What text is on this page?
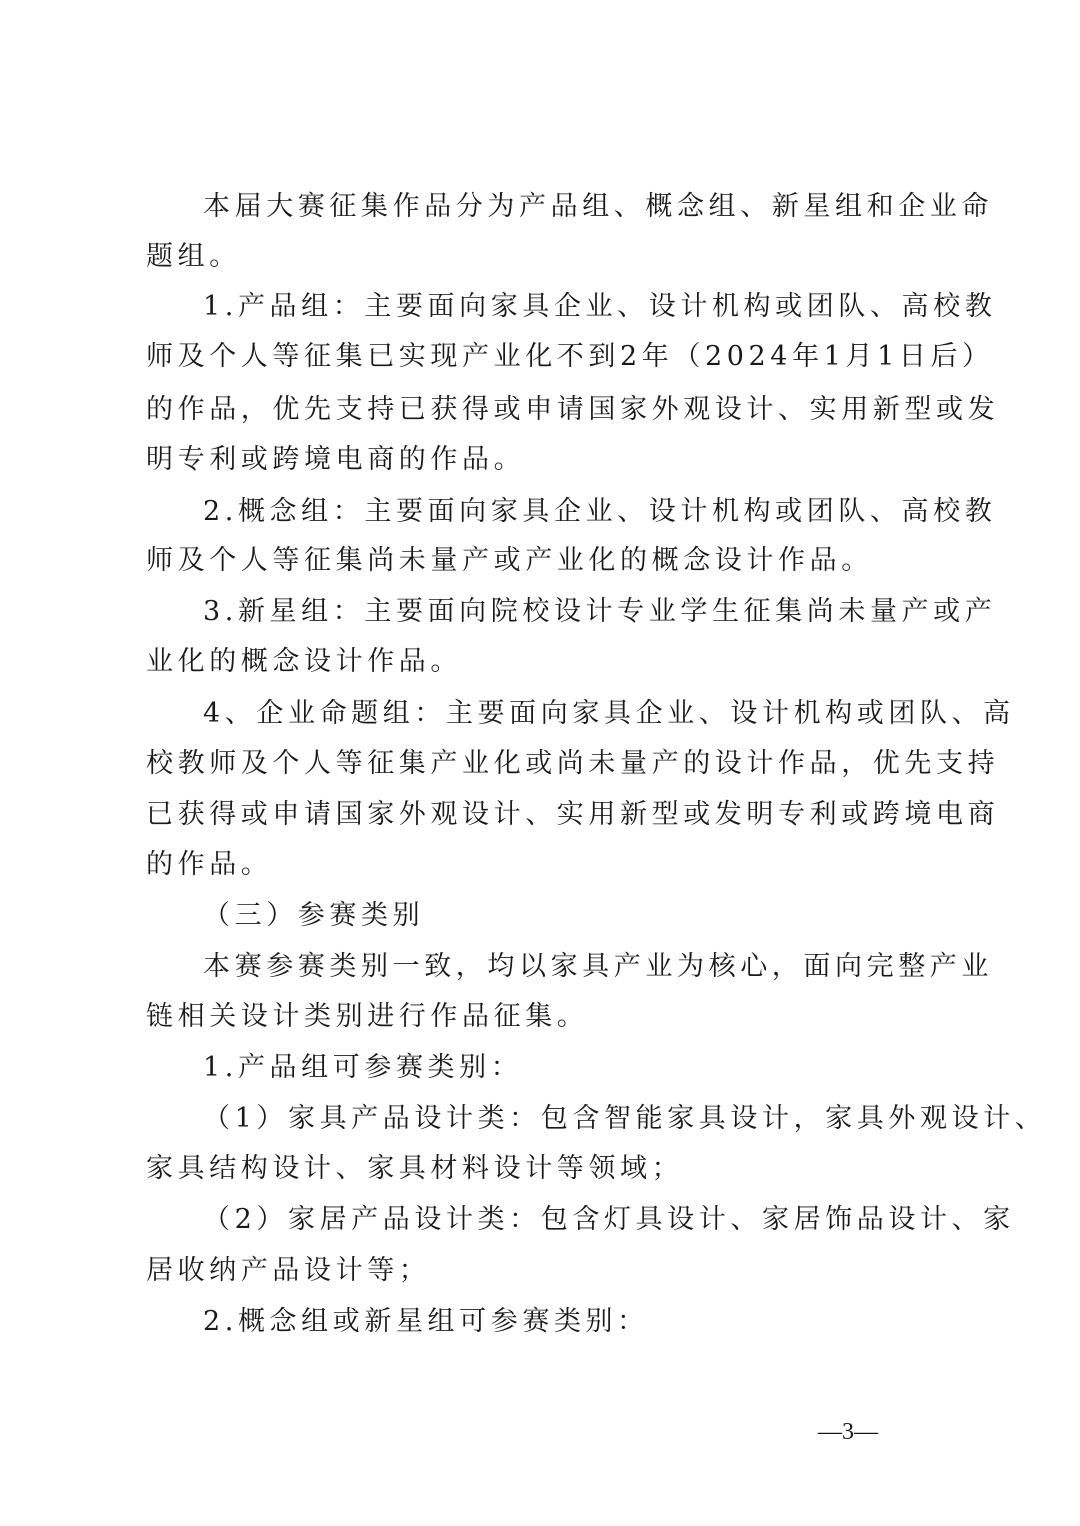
本届大赛征集作品分为产品组、概念组、新星组和企业命
题组。
1.产品组：主要面向家具企业、设计机构或团队、高校教
师及个人等征集已实现产业化不到2年（2024年1月1日后）
的作品，优先支持已获得或申请国家外观设计、实用新型或发
明专利或跨境电商的作品。
2.概念组：主要面向家具企业、设计机构或团队、高校教
师及个人等征集尚未量产或产业化的概念设计作品。
3.新星组：主要面向院校设计专业学生征集尚未量产或产
业化的概念设计作品。
4、企业命题组：主要面向家具企业、设计机构或团队、高
校教师及个人等征集产业化或尚未量产的设计作品，优先支持
已获得或申请国家外观设计、实用新型或发明专利或跨境电商
的作品。
（三）参赛类别
本赛参赛类别一致，均以家具产业为核心，面向完整产业
链相关设计类别进行作品征集。
1.产品组可参赛类别：
（1）家具产品设计类：包含智能家具设计，家具外观设计、
家具结构设计、家具材料设计等领域；
（2）家居产品设计类：包含灯具设计、家居饰品设计、家
居收纳产品设计等；
2.概念组或新星组可参赛类别：
—3—
